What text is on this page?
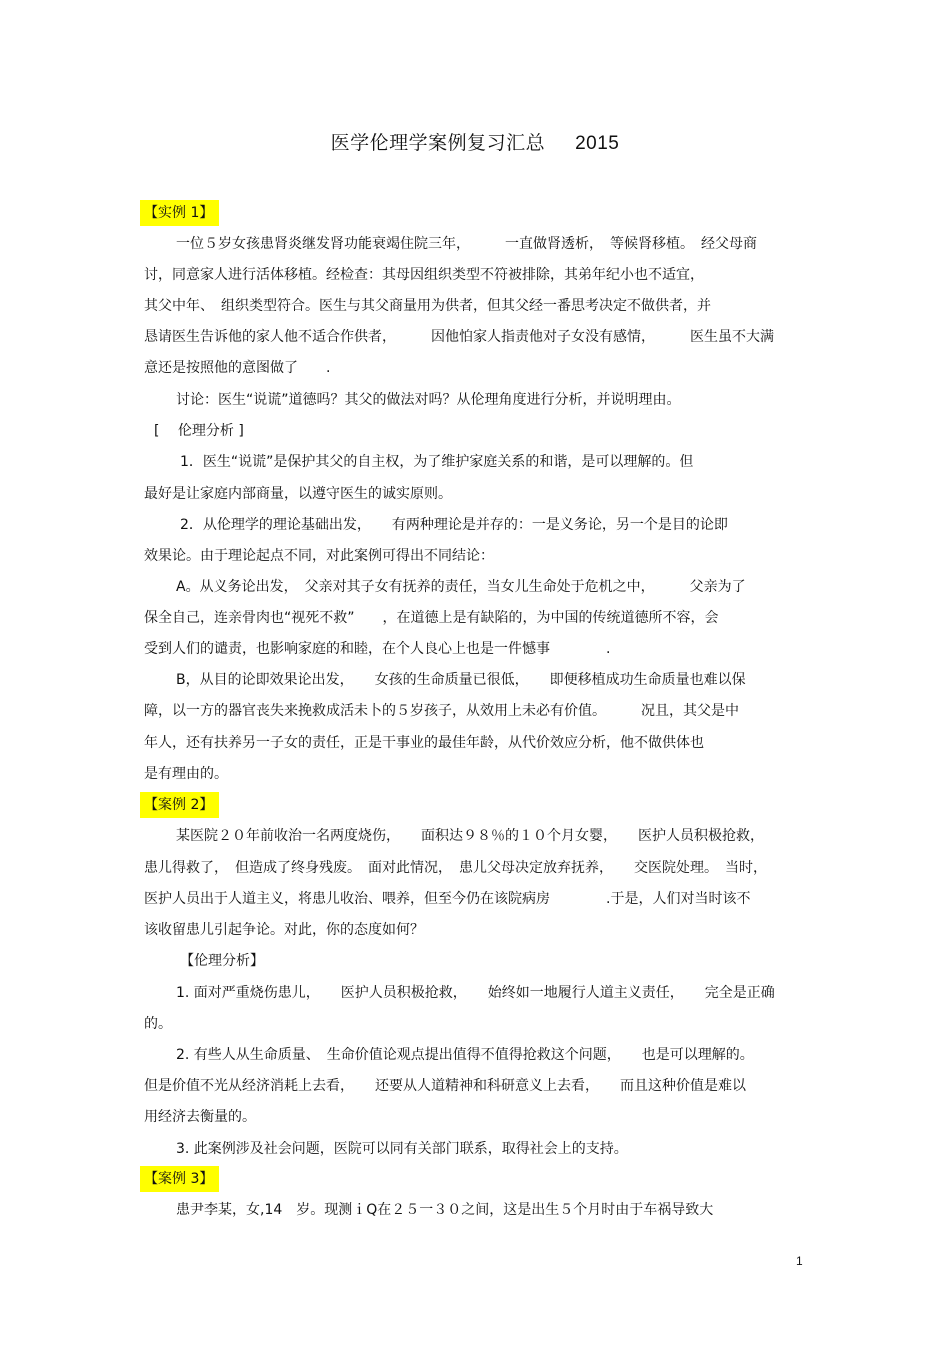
医学伦理学案例复习汇总 2015
【实例 1】
一位５岁女孩患肾炎继发肾功能衰竭住院三年，　　　一直做肾透析，　等候肾移植。　经父母商
讨，同意家人进行活体移植。经检查：其母因组织类型不符被排除，其弟年纪小也不适宜，
其父中年、　组织类型符合。医生与其父商量用为供者，但其父经一番思考决定不做供者，并
恳请医生告诉他的家人他不适合作供者，　　　因他怕家人指责他对子女没有感情，　　　医生虽不大满
意还是按照他的意图做了　　.
讨论：医生“说谎”道德吗？其父的做法对吗？从伦理角度进行分析，并说明理由。
[　 伦理分析 ]
1．医生“说谎”是保护其父的自主权，为了维护家庭关系的和谐，是可以理解的。但
最好是让家庭内部商量，以遵守医生的诚实原则。
2．从伦理学的理论基础出发，　　有两种理论是并存的：一是义务论，另一个是目的论即
效果论。由于理论起点不同，对此案例可得出不同结论：
A。从义务论出发，　父亲对其子女有抚养的责任，当女儿生命处于危机之中，　　　父亲为了
保全自己，连亲骨肉也“视死不救”　　，在道德上是有缺陷的，为中国的传统道德所不容，会
受到人们的谴责，也影响家庭的和睦，在个人良心上也是一件憾事　　　　.
B，从目的论即效果论出发，　　女孩的生命质量已很低，　　即便移植成功生命质量也难以保
障，以一方的器官丧失来挽救成活未卜的５岁孩子，从效用上未必有价值。　　　况且，其父是中
年人，还有扶养另一子女的责任，正是干事业的最佳年龄，从代价效应分析，他不做供体也
是有理由的。
【案例 2】
某医院２０年前收治一名两度烧伤，　　面积达９８％的１０个月女婴，　　医护人员积极抢救，
患儿得救了，　但造成了终身残废。　面对此情况，　患儿父母决定放弃抚养，　　交医院处理。　当时，
医护人员出于人道主义，将患儿收治、喂养，但至今仍在该院病房　　　　.于是，人们对当时该不
该收留患儿引起争论。对此，你的态度如何？
【伦理分析】
1. 面对严重烧伤患儿，　　医护人员积极抢救，　　始终如一地履行人道主义责任，　　完全是正确
的。
2. 有些人从生命质量、　生命价值论观点提出值得不值得抢救这个问题，　　也是可以理解的。
但是价值不光从经济消耗上去看，　　还要从人道精神和科研意义上去看，　　而且这种价值是难以
用经济去衡量的。
3. 此案例涉及社会问题，医院可以同有关部门联系，取得社会上的支持。
【案例 3】
患尹李某，女,14　岁。现测ｉQ在２５一３０之间，这是出生５个月时由于车祸导致大
1
